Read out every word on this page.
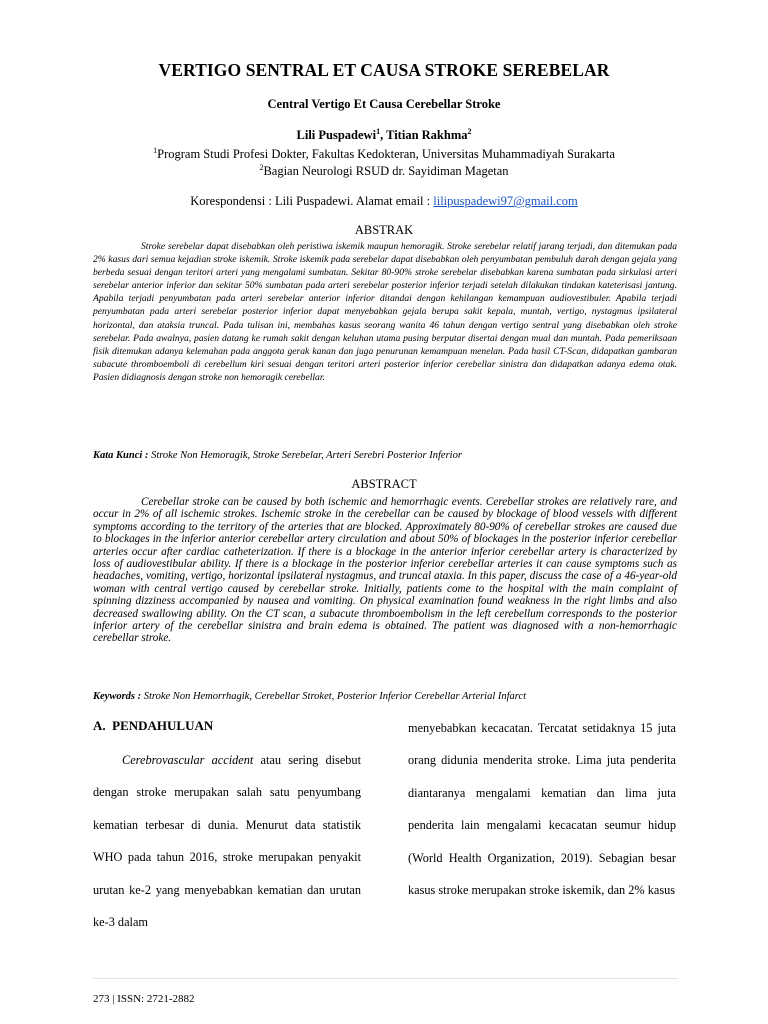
VERTIGO SENTRAL ET CAUSA STROKE SEREBELAR
Central Vertigo Et Causa Cerebellar Stroke
Lili Puspadewi$^1$, Titian Rakhma$^2$
$^1$Program Studi Profesi Dokter, Fakultas Kedokteran, Universitas Muhammadiyah Surakarta
$^2$Bagian Neurologi RSUD dr. Sayidiman Magetan
Korespondensi : Lili Puspadewi. Alamat email : lilipuspadewi97@gmail.com
ABSTRAK
Stroke serebelar dapat disebabkan oleh peristiwa iskemik maupun hemoragik. Stroke serebelar relatif jarang terjadi, dan ditemukan pada 2% kasus dari semua kejadian stroke iskemik. Stroke iskemik pada serebelar dapat disebabkan oleh penyumbatan pembuluh darah dengan gejala yang berbeda sesuai dengan teritori arteri yang mengalami sumbatan. Sekitar 80-90% stroke serebelar disebabkan karena sumbatan pada sirkulasi arteri serebelar anterior inferior dan sekitar 50% sumbatan pada arteri serebelar posterior inferior terjadi setelah dilakukan tindakan kateterisasi jantung. Apabila terjadi penyumbatan pada arteri serebelar anterior inferior ditandai dengan kehilangan kemampuan audiovestibuler. Apabila terjadi penyumbatan pada arteri serebelar posterior inferior dapat menyebabkan gejala berupa sakit kepala, muntah, vertigo, nystagmus ipsilateral horizontal, dan ataksia truncal. Pada tulisan ini, membahas kasus seorang wanita 46 tahun dengan vertigo sentral yang disebabkan oleh stroke serebelar. Pada awalnya, pasien datang ke rumah sakit dengan keluhan utama pusing berputar disertai dengan mual dan muntah. Pada pemeriksaan fisik ditemukan adanya kelemahan pada anggota gerak kanan dan juga penurunan kemampuan menelan. Pada hasil CT-Scan, didapatkan gambaran subacute thromboemboli di cerebellum kiri sesuai dengan teritori arteri posterior inferior cerebellar sinistra dan didapatkan adanya edema otak. Pasien didiagnosis dengan stroke non hemoragik cerebellar.
Kata Kunci : Stroke Non Hemoragik, Stroke Serebelar, Arteri Serebri Posterior Inferior
ABSTRACT
Cerebellar stroke can be caused by both ischemic and hemorrhagic events. Cerebellar strokes are relatively rare, and occur in 2% of all ischemic strokes. Ischemic stroke in the cerebellar can be caused by blockage of blood vessels with different symptoms according to the territory of the arteries that are blocked. Approximately 80-90% of cerebellar strokes are caused due to blockages in the inferior anterior cerebellar artery circulation and about 50% of blockages in the posterior inferior cerebellar arteries occur after cardiac catheterization. If there is a blockage in the anterior inferior cerebellar artery is characterized by loss of audiovestibular ability. If there is a blockage in the posterior inferior cerebellar arteries it can cause symptoms such as headaches, vomiting, vertigo, horizontal ipsilateral nystagmus, and truncal ataxia. In this paper, discuss the case of a 46-year-old woman with central vertigo caused by cerebellar stroke. Initially, patients come to the hospital with the main complaint of spinning dizziness accompanied by nausea and vomiting. On physical examination found weakness in the right limbs and also decreased swallowing ability. On the CT scan, a subacute thromboembolism in the left cerebellum corresponds to the posterior inferior artery of the cerebellar sinistra and brain edema is obtained. The patient was diagnosed with a non-hemorrhagic cerebellar stroke.
Keywords : Stroke Non Hemorrhagik, Cerebellar Stroket, Posterior Inferior Cerebellar Arterial Infarct
A.  PENDAHULUAN
Cerebrovascular accident atau sering disebut dengan stroke merupakan salah satu penyumbang kematian terbesar di dunia. Menurut data statistik WHO pada tahun 2016, stroke merupakan penyakit urutan ke-2 yang menyebabkan kematian dan urutan ke-3 dalam
menyebabkan kecacatan. Tercatat setidaknya 15 juta orang didunia menderita stroke. Lima juta penderita diantaranya mengalami kematian dan lima juta penderita lain mengalami kecacatan seumur hidup (World Health Organization, 2019). Sebagian besar kasus stroke merupakan stroke iskemik, dan 2% kasus
273 | ISSN: 2721-2882
